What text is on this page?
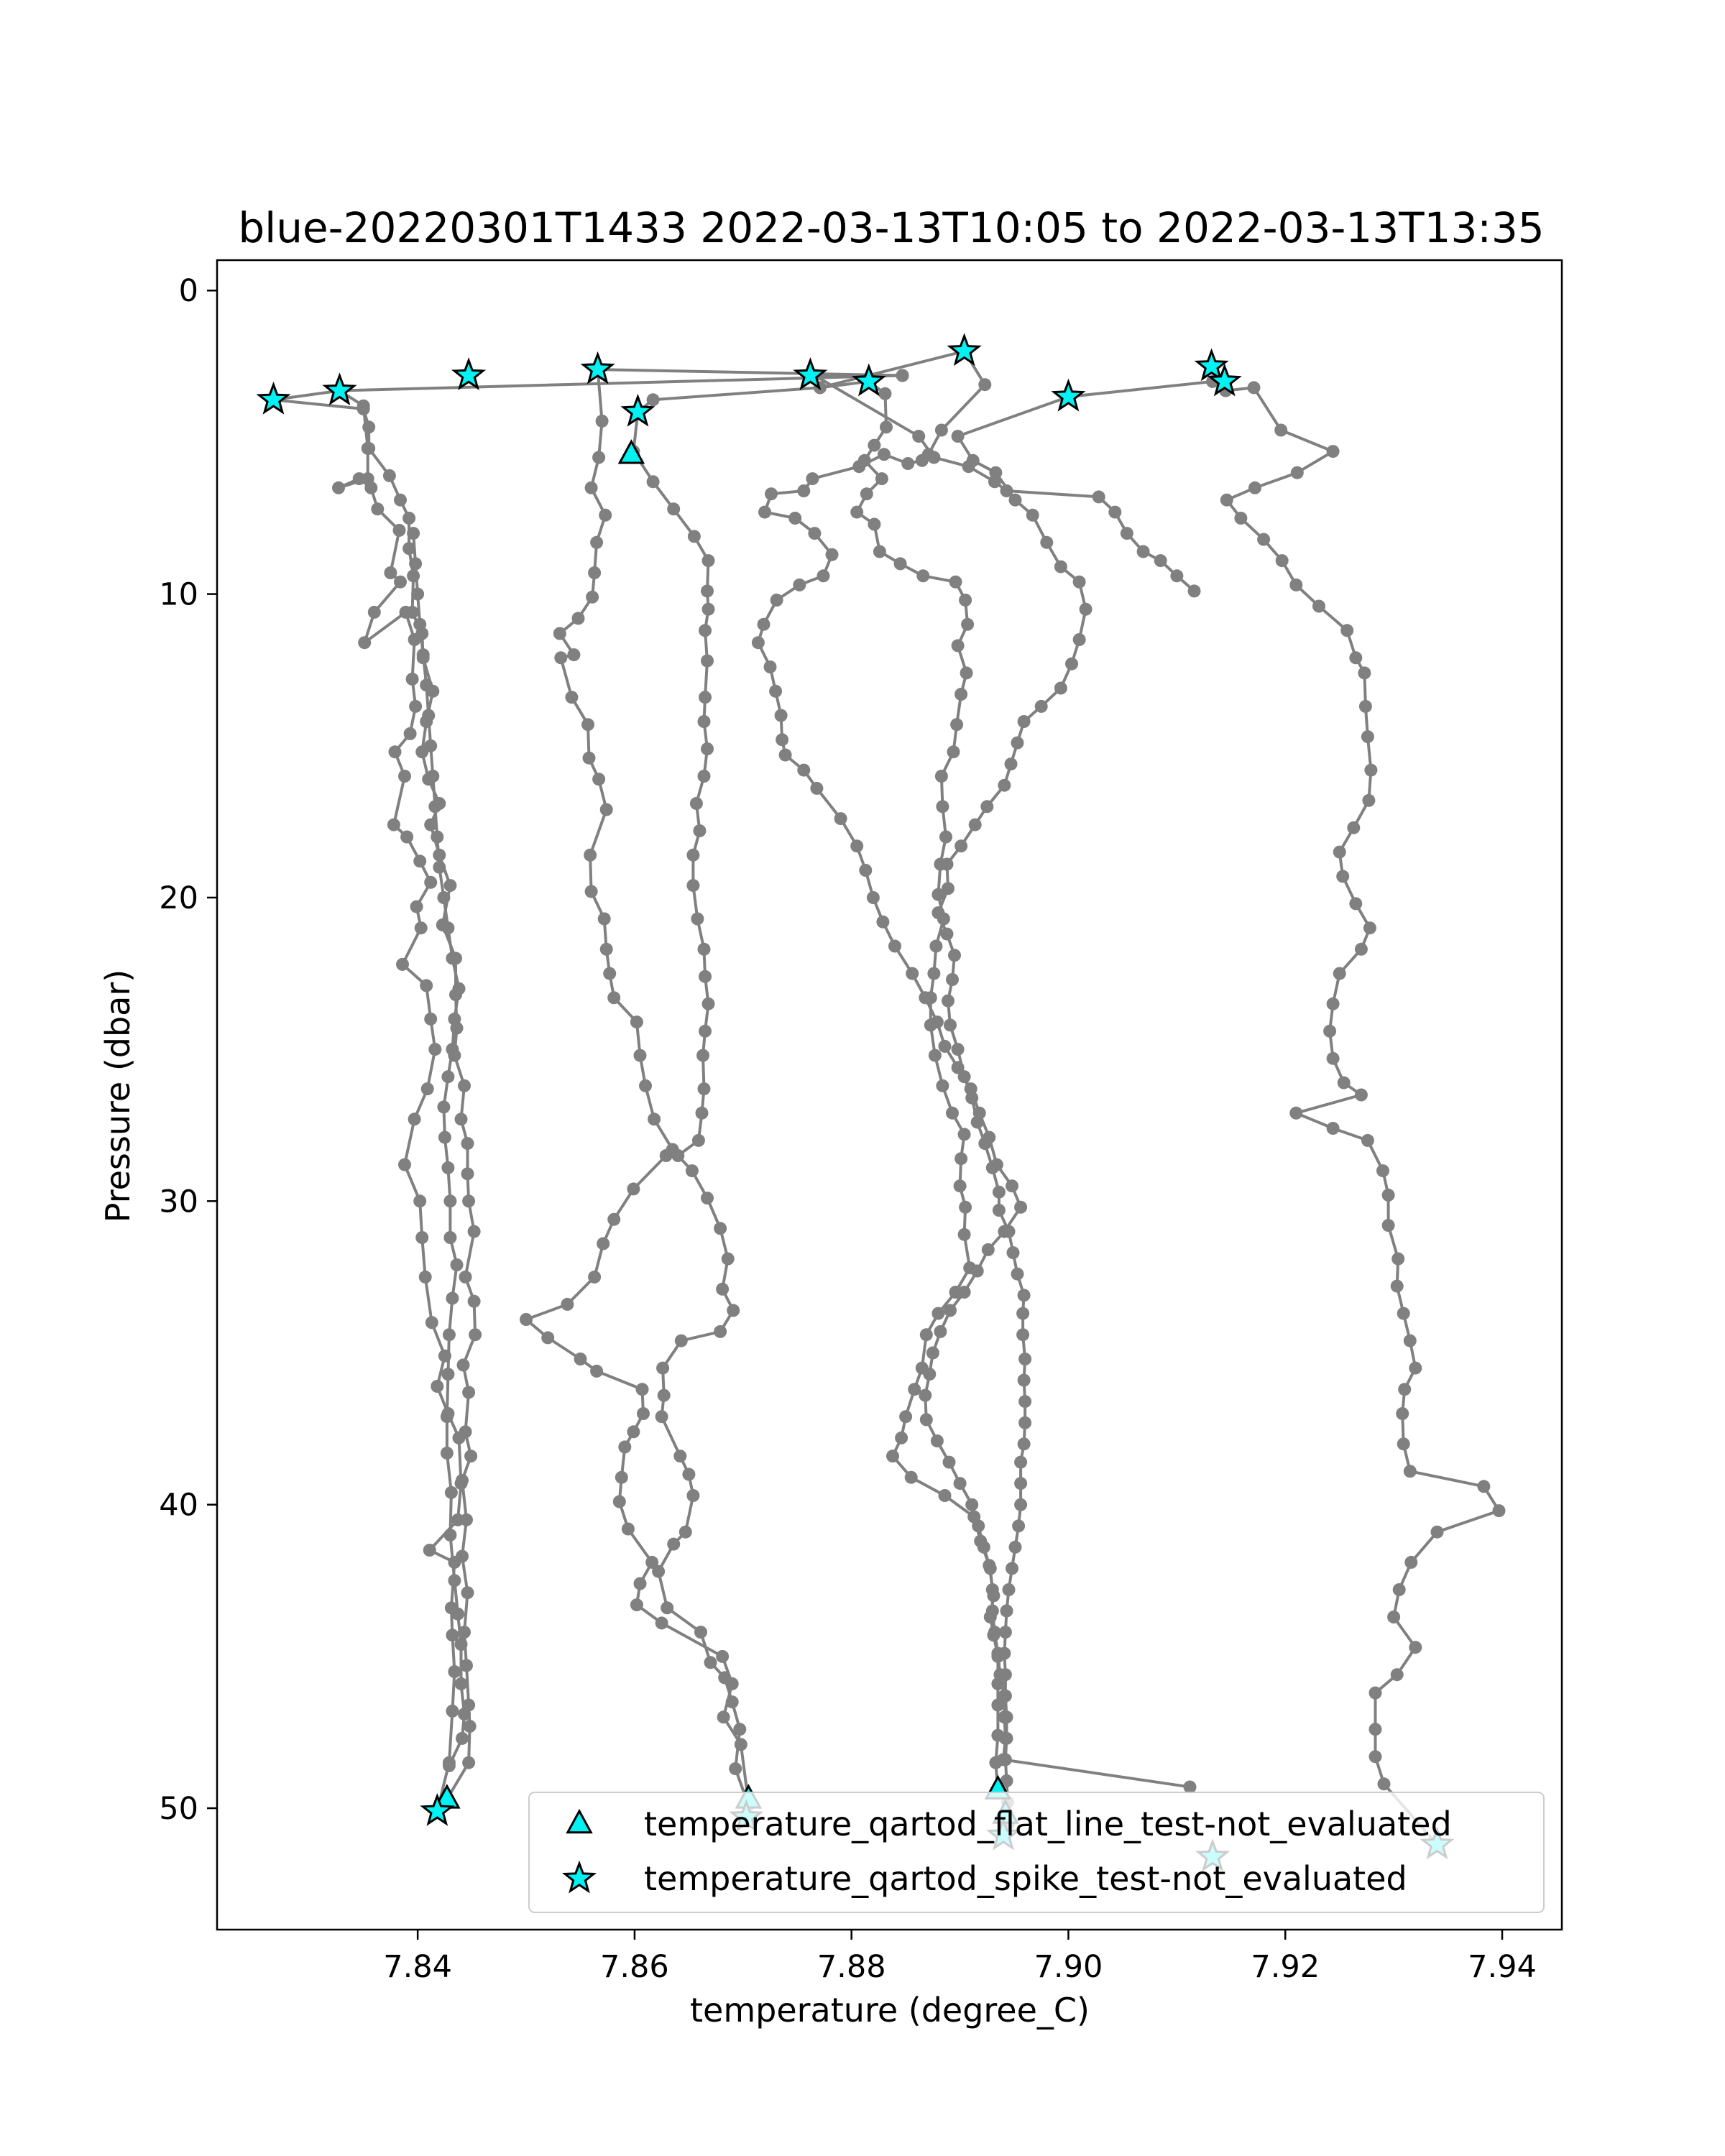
blue-20220301T1433 2022-03-13T10:05 to 2022-03-13T13:35
7.84	7.86	7.88	7.90	7.92	7.94
0
10
20
30
40
50
temperature (degree_C)
Pressure (dbar)
temperature_qartod_flat_line_test-not_evaluated
temperature_qartod_spike_test-not_evaluated
